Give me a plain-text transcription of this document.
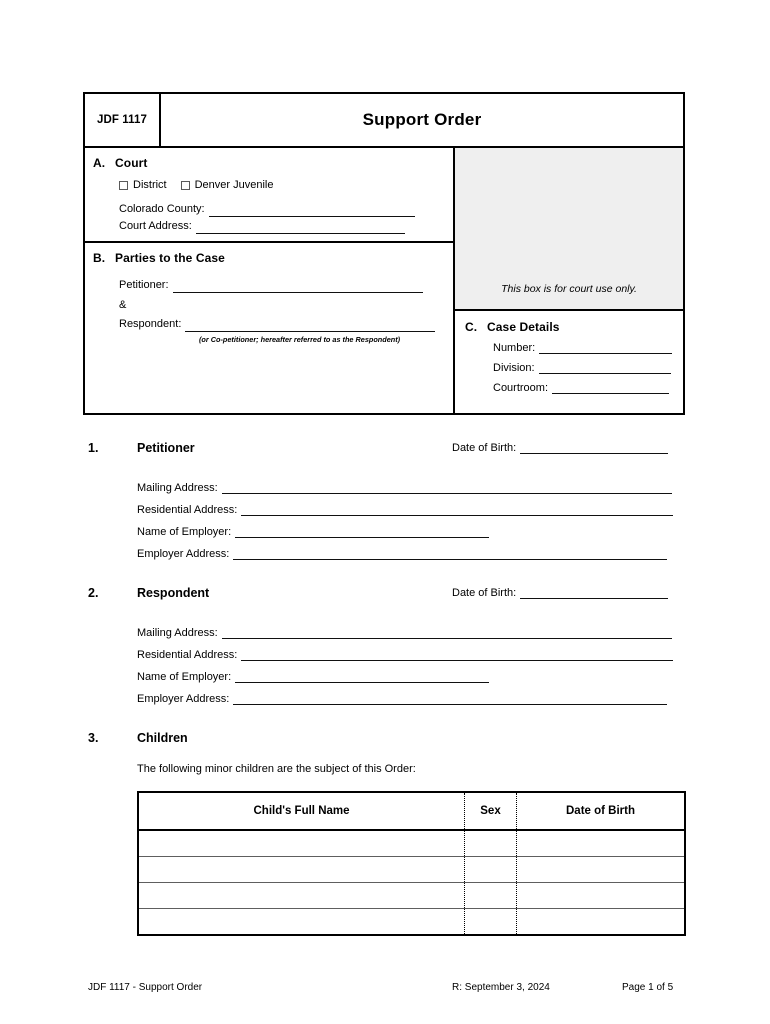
JDF 1117	Support Order
A. Court
District	Denver Juvenile
Colorado County:
Court Address:
B. Parties to the Case
Petitioner:
&
Respondent:
(or Co-petitioner; hereafter referred to as the Respondent)
This box is for court use only.
C. Case Details
Number:
Division:
Courtroom:
1.	Petitioner	Date of Birth:
Mailing Address:
Residential Address:
Name of Employer:
Employer Address:
2.	Respondent	Date of Birth:
Mailing Address:
Residential Address:
Name of Employer:
Employer Address:
3.	Children
The following minor children are the subject of this Order:
Child's Full Name	Sex	Date of Birth

JDF 1117 - Support Order	R: September 3, 2024	Page 1 of 5
